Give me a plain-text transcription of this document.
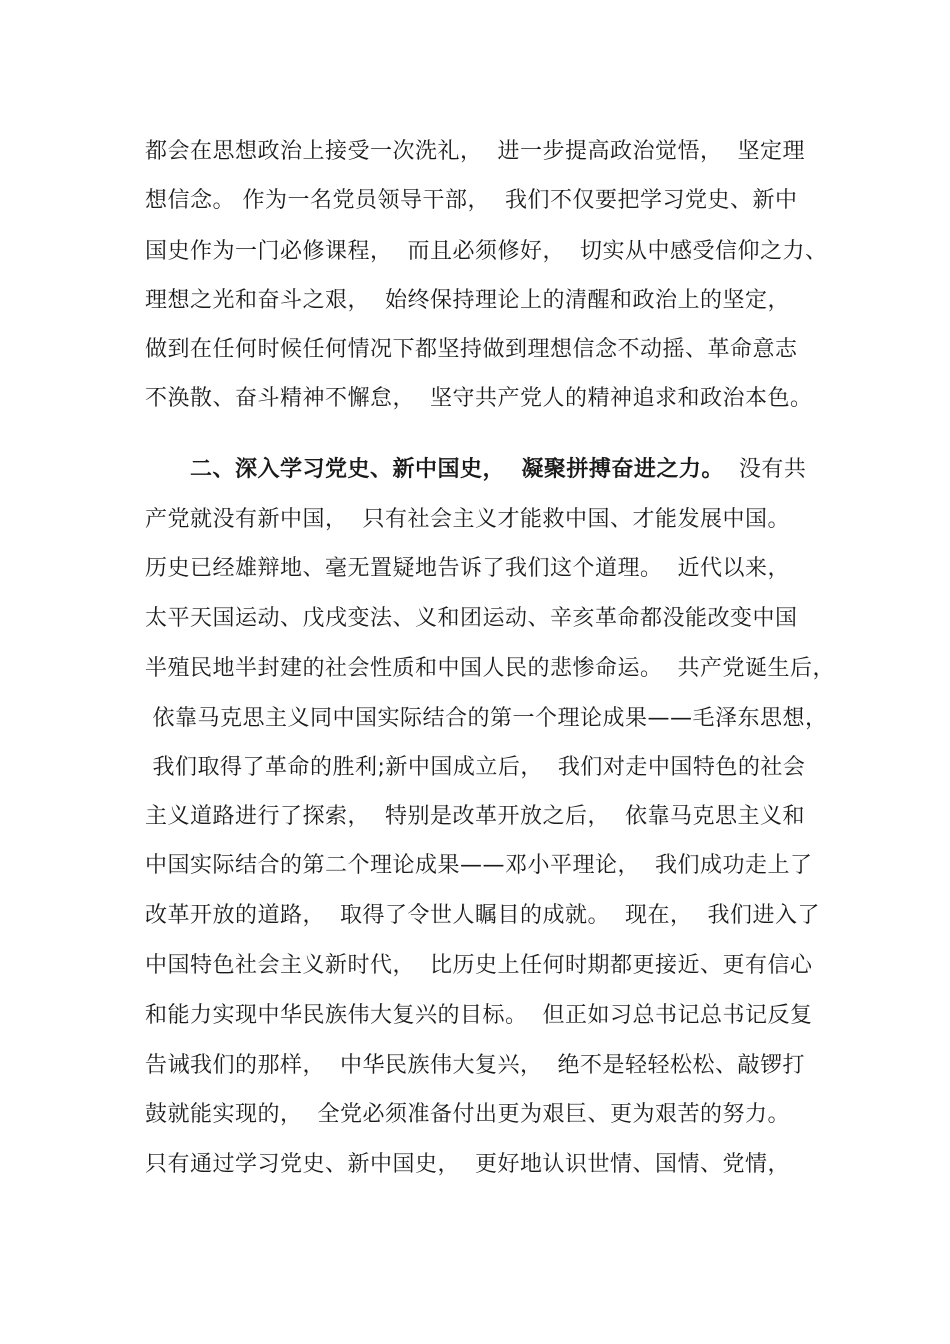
都会在思想政治上接受一次洗礼，  进一步提高政治觉悟，  坚定理
想信念。 作为一名党员领导干部，  我们不仅要把学习党史、新中
国史作为一门必修课程，  而且必须修好，  切实从中感受信仰之力、
理想之光和奋斗之艰，  始终保持理论上的清醒和政治上的坚定，
做到在任何时候任何情况下都坚持做到理想信念不动摇、革命意志
不涣散、奋斗精神不懈怠，  坚守共产党人的精神追求和政治本色。
二、深入学习党史、新中国史，  凝聚拼搏奋进之力。  没有共
产党就没有新中国，  只有社会主义才能救中国、才能发展中国。
历史已经雄辩地、毫无置疑地告诉了我们这个道理。  近代以来，
太平天国运动、戊戌变法、义和团运动、辛亥革命都没能改变中国
半殖民地半封建的社会性质和中国人民的悲惨命运。  共产党诞生后，
依靠马克思主义同中国实际结合的第一个理论成果——毛泽东思想，
我们取得了革命的胜利;新中国成立后，  我们对走中国特色的社会
主义道路进行了探索，  特别是改革开放之后，  依靠马克思主义和
中国实际结合的第二个理论成果——邓小平理论，  我们成功走上了
改革开放的道路，  取得了令世人瞩目的成就。  现在，  我们进入了
中国特色社会主义新时代，  比历史上任何时期都更接近、更有信心
和能力实现中华民族伟大复兴的目标。  但正如习总书记总书记反复
告诫我们的那样，  中华民族伟大复兴，  绝不是轻轻松松、敲锣打
鼓就能实现的，  全党必须准备付出更为艰巨、更为艰苦的努力。
只有通过学习党史、新中国史，  更好地认识世情、国情、党情，
